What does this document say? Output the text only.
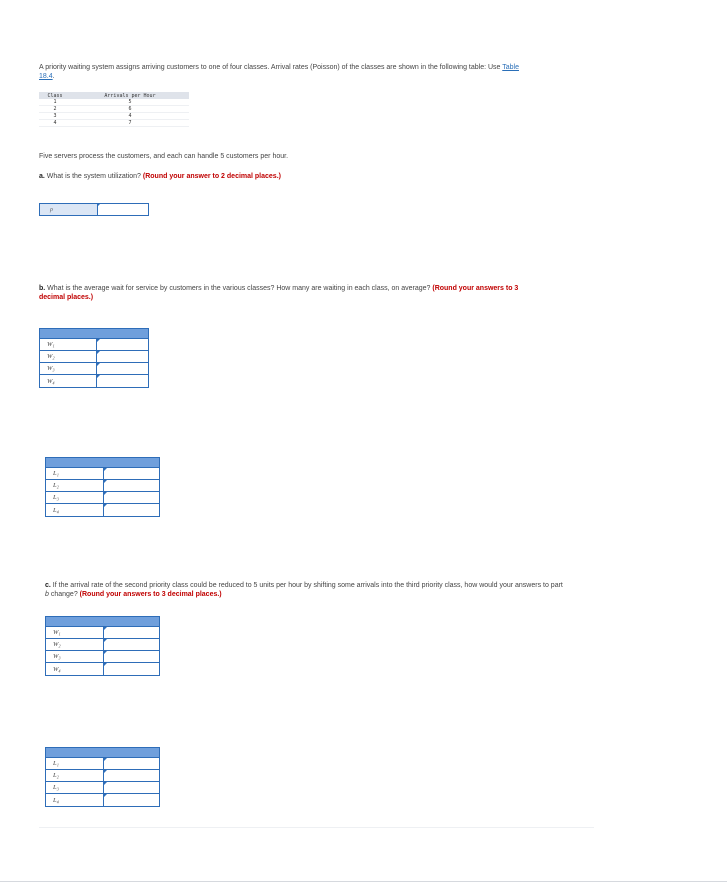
A priority waiting system assigns arriving customers to one of four classes. Arrival rates (Poisson) of the classes are shown in the following table: Use Table 18.4.
Class	Arrivals per Hour
1	5
2	6
3	4
4	7
Five servers process the customers, and each can handle 5 customers per hour.
a. What is the system utilization? (Round your answer to 2 decimal places.)
ρ
b. What is the average wait for service by customers in the various classes? How many are waiting in each class, on average? (Round your answers to 3 decimal places.)
W₁
W₂
W₃
W₄
L₁
L₂
L₃
L₄
c. If the arrival rate of the second priority class could be reduced to 5 units per hour by shifting some arrivals into the third priority class, how would your answers to part b change? (Round your answers to 3 decimal places.)
W₁
W₂
W₃
W₄
L₁
L₂
L₃
L₄
